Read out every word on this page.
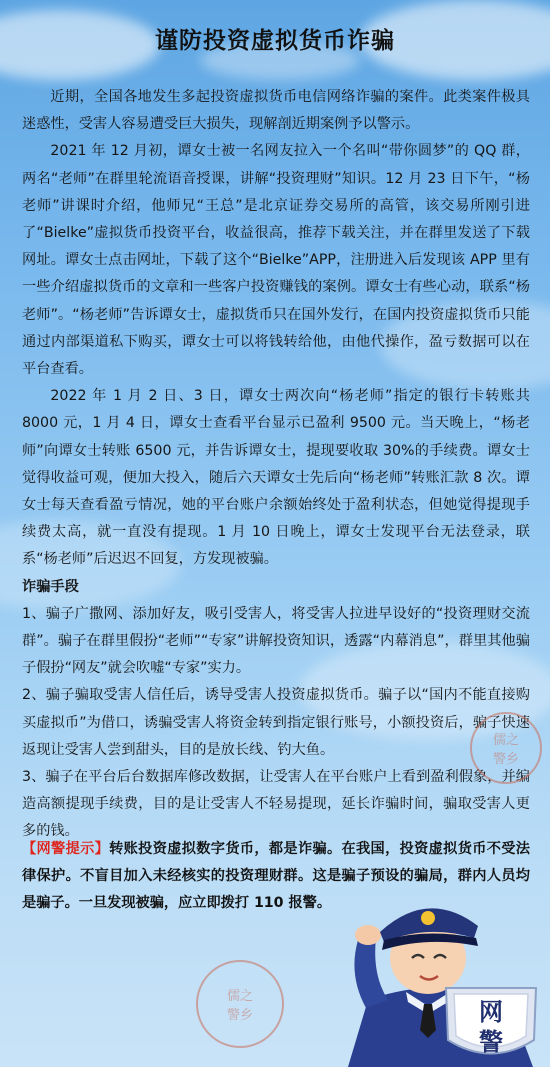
谨防投资虚拟货币诈骗

近期，全国各地发生多起投资虚拟货币电信网络诈骗的案件。此类案件极具迷惑性，受害人容易遭受巨大损失，现解剖近期案例予以警示。

2021 年 12 月初，谭女士被一名网友拉入一个名叫“带你圆梦”的 QQ 群，两名“老师”在群里轮流语音授课，讲解“投资理财”知识。12 月 23 日下午，“杨老师”讲课时介绍，他师兄“王总”是北京证券交易所的高管，该交易所刚引进了“Bielke”虚拟货币投资平台，收益很高，推荐下载关注，并在群里发送了下载网址。谭女士点击网址，下载了这个“Bielke”APP，注册进入后发现该 APP 里有一些介绍虚拟货币的文章和一些客户投资赚钱的案例。谭女士有些心动，联系“杨老师”。“杨老师”告诉谭女士，虚拟货币只在国外发行，在国内投资虚拟货币只能通过内部渠道私下购买，谭女士可以将钱转给他，由他代操作，盈亏数据可以在平台查看。

2022 年 1 月 2 日、3 日，谭女士两次向“杨老师”指定的银行卡转账共 8000 元，1 月 4 日，谭女士查看平台显示已盈利 9500 元。当天晚上，“杨老师”向谭女士转账 6500 元，并告诉谭女士，提现要收取 30%的手续费。谭女士觉得收益可观，便加大投入，随后六天谭女士先后向“杨老师”转账汇款 8 次。谭女士每天查看盈亏情况，她的平台账户余额始终处于盈利状态，但她觉得提现手续费太高，就一直没有提现。1 月 10 日晚上，谭女士发现平台无法登录，联系“杨老师”后迟迟不回复，方发现被骗。

诈骗手段

1、骗子广撒网、添加好友，吸引受害人，将受害人拉进早设好的“投资理财交流群”。骗子在群里假扮“老师”“专家”讲解投资知识，透露“内幕消息”，群里其他骗子假扮“网友”就会吹嘘“专家”实力。

2、骗子骗取受害人信任后，诱导受害人投资虚拟货币。骗子以“国内不能直接购买虚拟币”为借口，诱骗受害人将资金转到指定银行账号，小额投资后，骗子快速返现让受害人尝到甜头，目的是放长线、钓大鱼。

3、骗子在平台后台数据库修改数据，让受害人在平台账户上看到盈利假象，并编造高额提现手续费，目的是让受害人不轻易提现，延长诈骗时间，骗取受害人更多的钱。

【网警提示】转账投资虚拟数字货币，都是诈骗。在我国，投资虚拟货币不受法律保护。不盲目加入未经核实的投资理财群。这是骗子预设的骗局，群内人员均是骗子。一旦发现被骗，应立即拨打 110 报警。

儒之
警乡
儒之
警乡	网
警
